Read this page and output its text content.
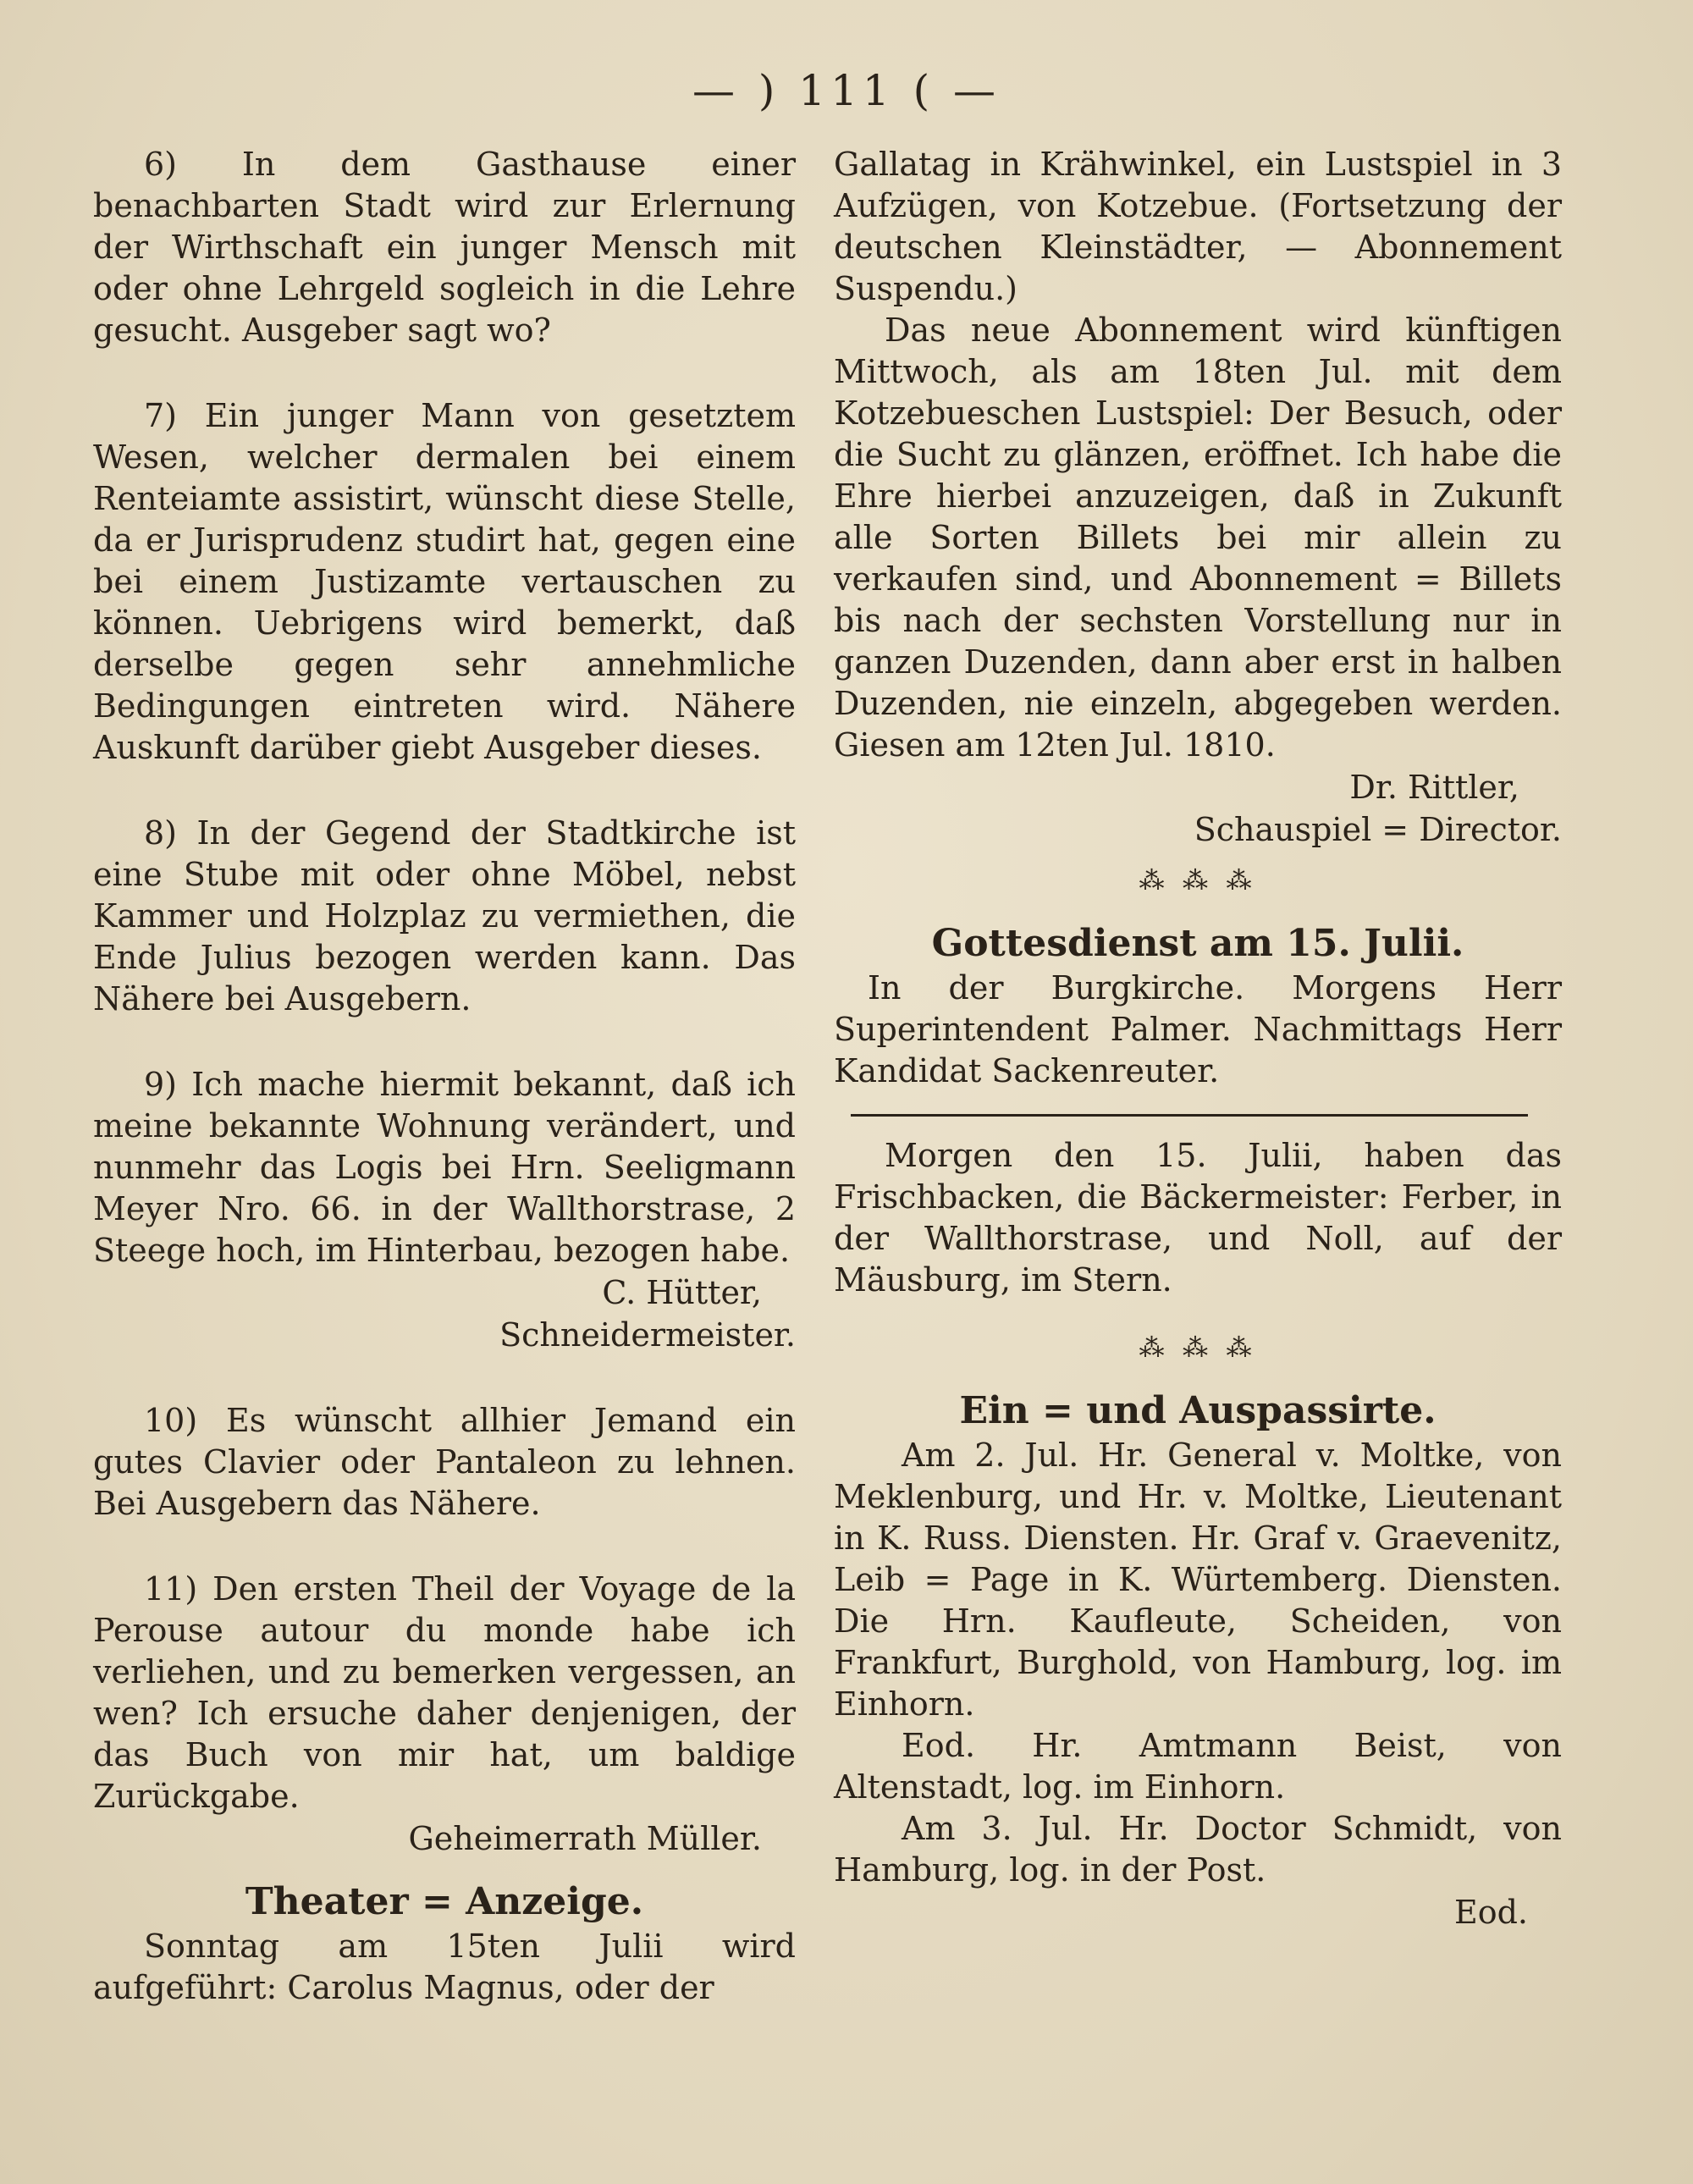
— ) 111 ( —

6) In dem Gasthause einer benachbarten Stadt wird zur Erlernung der Wirthschaft ein junger Mensch mit oder ohne Lehrgeld sogleich in die Lehre gesucht. Ausgeber sagt wo?

7) Ein junger Mann von gesetztem Wesen, welcher dermalen bei einem Renteiamte assistirt, wünscht diese Stelle, da er Jurisprudenz studirt hat, gegen eine bei einem Justizamte vertauschen zu können. Uebrigens wird bemerkt, daß derselbe gegen sehr annehmliche Bedingungen eintreten wird. Nähere Auskunft darüber giebt Ausgeber dieses.

8) In der Gegend der Stadtkirche ist eine Stube mit oder ohne Möbel, nebst Kammer und Holzplaz zu vermiethen, die Ende Julius bezogen werden kann. Das Nähere bei Ausgebern.

9) Ich mache hiermit bekannt, daß ich meine bekannte Wohnung verändert, und nunmehr das Logis bei Hrn. Seeligmann Meyer Nro. 66. in der Wallthorstrase, 2 Steege hoch, im Hinterbau, bezogen habe.

C. Hütter,

Schneidermeister.

10) Es wünscht allhier Jemand ein gutes Clavier oder Pantaleon zu lehnen. Bei Ausgebern das Nähere.

11) Den ersten Theil der Voyage de la Perouse autour du monde habe ich verliehen, und zu bemerken vergessen, an wen? Ich ersuche daher denjenigen, der das Buch von mir hat, um baldige Zurückgabe.

Geheimerrath Müller.

Theater = Anzeige.

Sonntag am 15ten Julii wird aufgeführt: Carolus Magnus, oder der

Gallatag in Krähwinkel, ein Lustspiel in 3 Aufzügen, von Kotzebue. (Fortsetzung der deutschen Kleinstädter, — Abonnement Suspendu.)

Das neue Abonnement wird künftigen Mittwoch, als am 18ten Jul. mit dem Kotzebueschen Lustspiel: Der Besuch, oder die Sucht zu glänzen, eröffnet. Ich habe die Ehre hierbei anzuzeigen, daß in Zukunft alle Sorten Billets bei mir allein zu verkaufen sind, und Abonnement = Billets bis nach der sechsten Vorstellung nur in ganzen Duzenden, dann aber erst in halben Duzenden, nie einzeln, abgegeben werden. Giesen am 12ten Jul. 1810.

Dr. Rittler,

Schauspiel = Director.

⁂ ⁂ ⁂

Gottesdienst am 15. Julii.

In der Burgkirche. Morgens Herr Superintendent Palmer. Nachmittags Herr Kandidat Sackenreuter.

Morgen den 15. Julii, haben das Frischbacken, die Bäckermeister: Ferber, in der Wallthorstrase, und Noll, auf der Mäusburg, im Stern.

⁂ ⁂ ⁂

Ein = und Auspassirte.

Am 2. Jul. Hr. General v. Moltke, von Meklenburg, und Hr. v. Moltke, Lieutenant in K. Russ. Diensten. Hr. Graf v. Graevenitz, Leib = Page in K. Würtemberg. Diensten. Die Hrn. Kaufleute, Scheiden, von Frankfurt, Burghold, von Hamburg, log. im Einhorn.

Eod. Hr. Amtmann Beist, von Altenstadt, log. im Einhorn.

Am 3. Jul. Hr. Doctor Schmidt, von Hamburg, log. in der Post.

Eod.
